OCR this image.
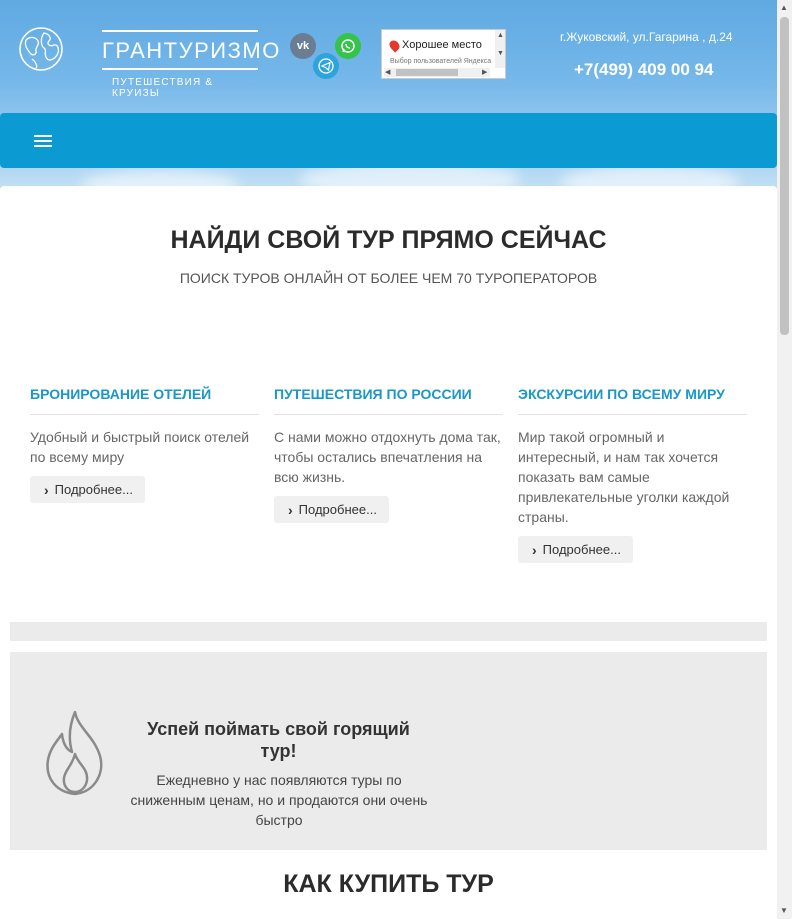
ГРАНТУРИЗМО
ПУТЕШЕСТВИЯ & КРУИЗЫ
vk	Хорошее место
Выбор пользователей Яндекса
▲
▼
◀	▶
г.Жуковский, ул.Гагарина , д.24
+7(499) 409 00 94
НАЙДИ СВОЙ ТУР ПРЯМО СЕЙЧАС
ПОИСК ТУРОВ ОНЛАЙН ОТ БОЛЕЕ ЧЕМ 70 ТУРОПЕРАТОРОВ
БРОНИРОВАНИЕ ОТЕЛЕЙ

Удобный и быстрый поиск отелей по всему миру

› Подробнее...
ПУТЕШЕСТВИЯ ПО РОССИИ

С нами можно отдохнуть дома так, чтобы остались впечатления на всю жизнь.

› Подробнее...
ЭКСКУРСИИ ПО ВСЕМУ МИРУ

Мир такой огромный и интересный, и нам так хочется показать вам самые привлекательные уголки каждой страны.

› Подробнее...
Успей поймать свой горящий тур!
Ежедневно у нас появляются туры по сниженным ценам, но и продаются они очень быстро
КАК КУПИТЬ ТУР
▲
▼
